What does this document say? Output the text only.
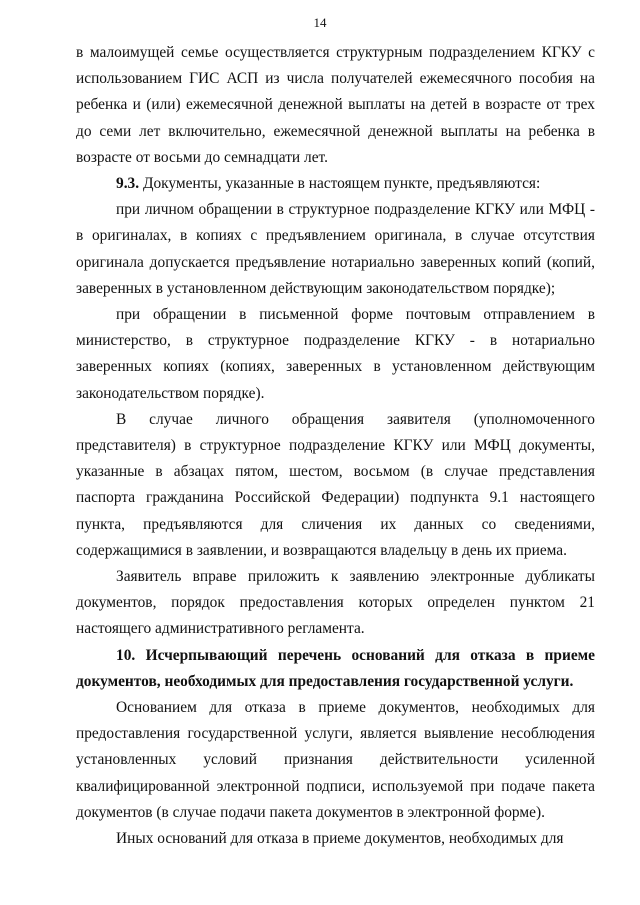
14

в малоимущей семье осуществляется структурным подразделением КГКУ с использованием ГИС АСП из числа получателей ежемесячного пособия на ребенка и (или) ежемесячной денежной выплаты на детей в возрасте от трех до семи лет включительно, ежемесячной денежной выплаты на ребенка в возрасте от восьми до семнадцати лет.

9.3. Документы, указанные в настоящем пункте, предъявляются:

при личном обращении в структурное подразделение КГКУ или МФЦ - в оригиналах, в копиях с предъявлением оригинала, в случае отсутствия оригинала допускается предъявление нотариально заверенных копий (копий, заверенных в установленном действующим законодательством порядке);

при обращении в письменной форме почтовым отправлением в министерство, в структурное подразделение КГКУ - в нотариально заверенных копиях (копиях, заверенных в установленном действующим законодательством порядке).

В случае личного обращения заявителя (уполномоченного представителя) в структурное подразделение КГКУ или МФЦ документы, указанные в абзацах пятом, шестом, восьмом (в случае представления паспорта гражданина Российской Федерации) подпункта 9.1 настоящего пункта, предъявляются для сличения их данных со сведениями, содержащимися в заявлении, и возвращаются владельцу в день их приема.

Заявитель вправе приложить к заявлению электронные дубликаты документов, порядок предоставления которых определен пунктом 21 настоящего административного регламента.

10. Исчерпывающий перечень оснований для отказа в приеме документов, необходимых для предоставления государственной услуги.

Основанием для отказа в приеме документов, необходимых для предоставления государственной услуги, является выявление несоблюдения установленных условий признания действительности усиленной квалифицированной электронной подписи, используемой при подаче пакета документов (в случае подачи пакета документов в электронной форме).

Иных оснований для отказа в приеме документов, необходимых для
